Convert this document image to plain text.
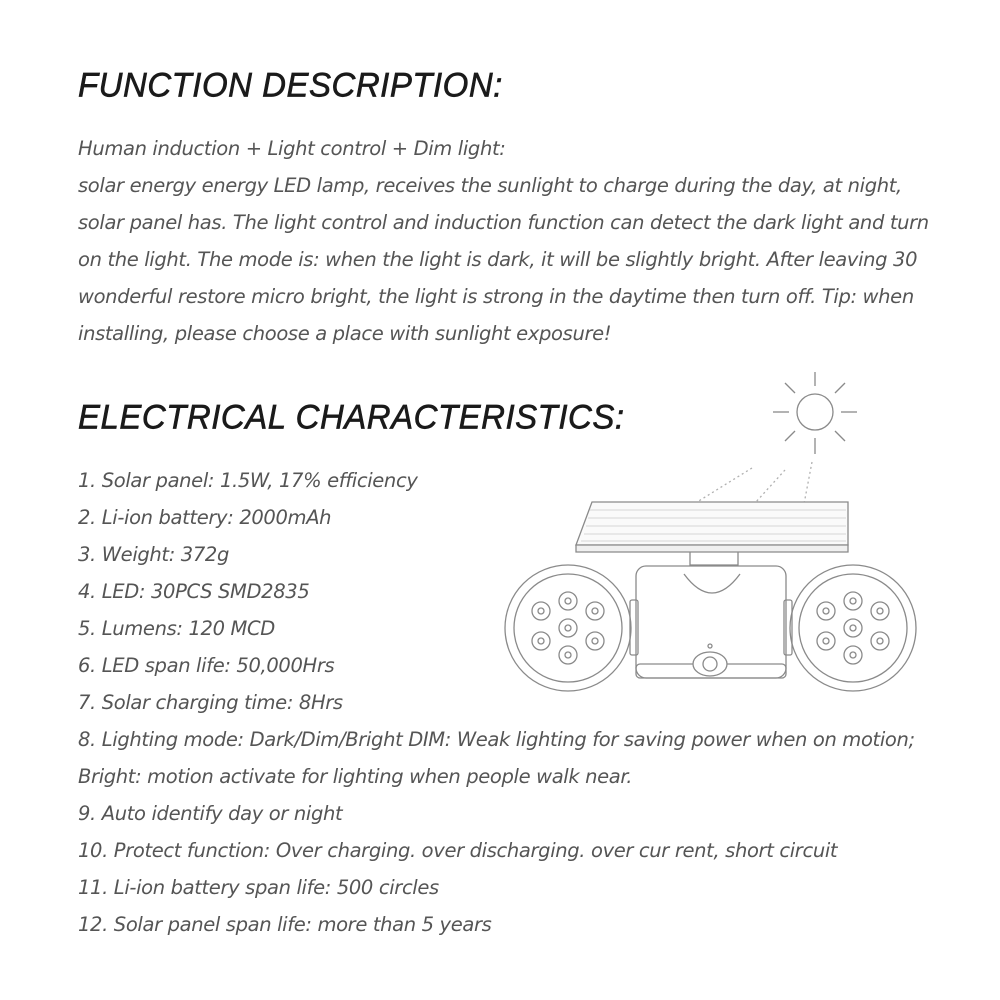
FUNCTION DESCRIPTION:
Human induction + Light control + Dim light:
solar energy energy LED lamp, receives the sunlight to charge during the day, at night, solar panel has. The light control and induction function can detect the dark light and turn on the light. The mode is: when the light is dark, it will be slightly bright. After leaving 30 wonderful restore micro bright, the light is strong in the daytime then turn off. Tip: when installing, please choose a place with sunlight exposure!
ELECTRICAL CHARACTERISTICS:
1. Solar panel: 1.5W, 17% efficiency
2. Li-ion battery: 2000mAh
3. Weight: 372g
4. LED: 30PCS SMD2835
5. Lumens: 120 MCD
6. LED span life: 50,000Hrs
7. Solar charging time: 8Hrs
8. Lighting mode: Dark/Dim/Bright DIM: Weak lighting for saving power when on motion;
Bright: motion activate for lighting when people walk near.
9. Auto identify day or night
10. Protect function: Over charging. over discharging. over cur rent, short circuit
11. Li-ion battery span life: 500 circles
12. Solar panel span life: more than 5 years
